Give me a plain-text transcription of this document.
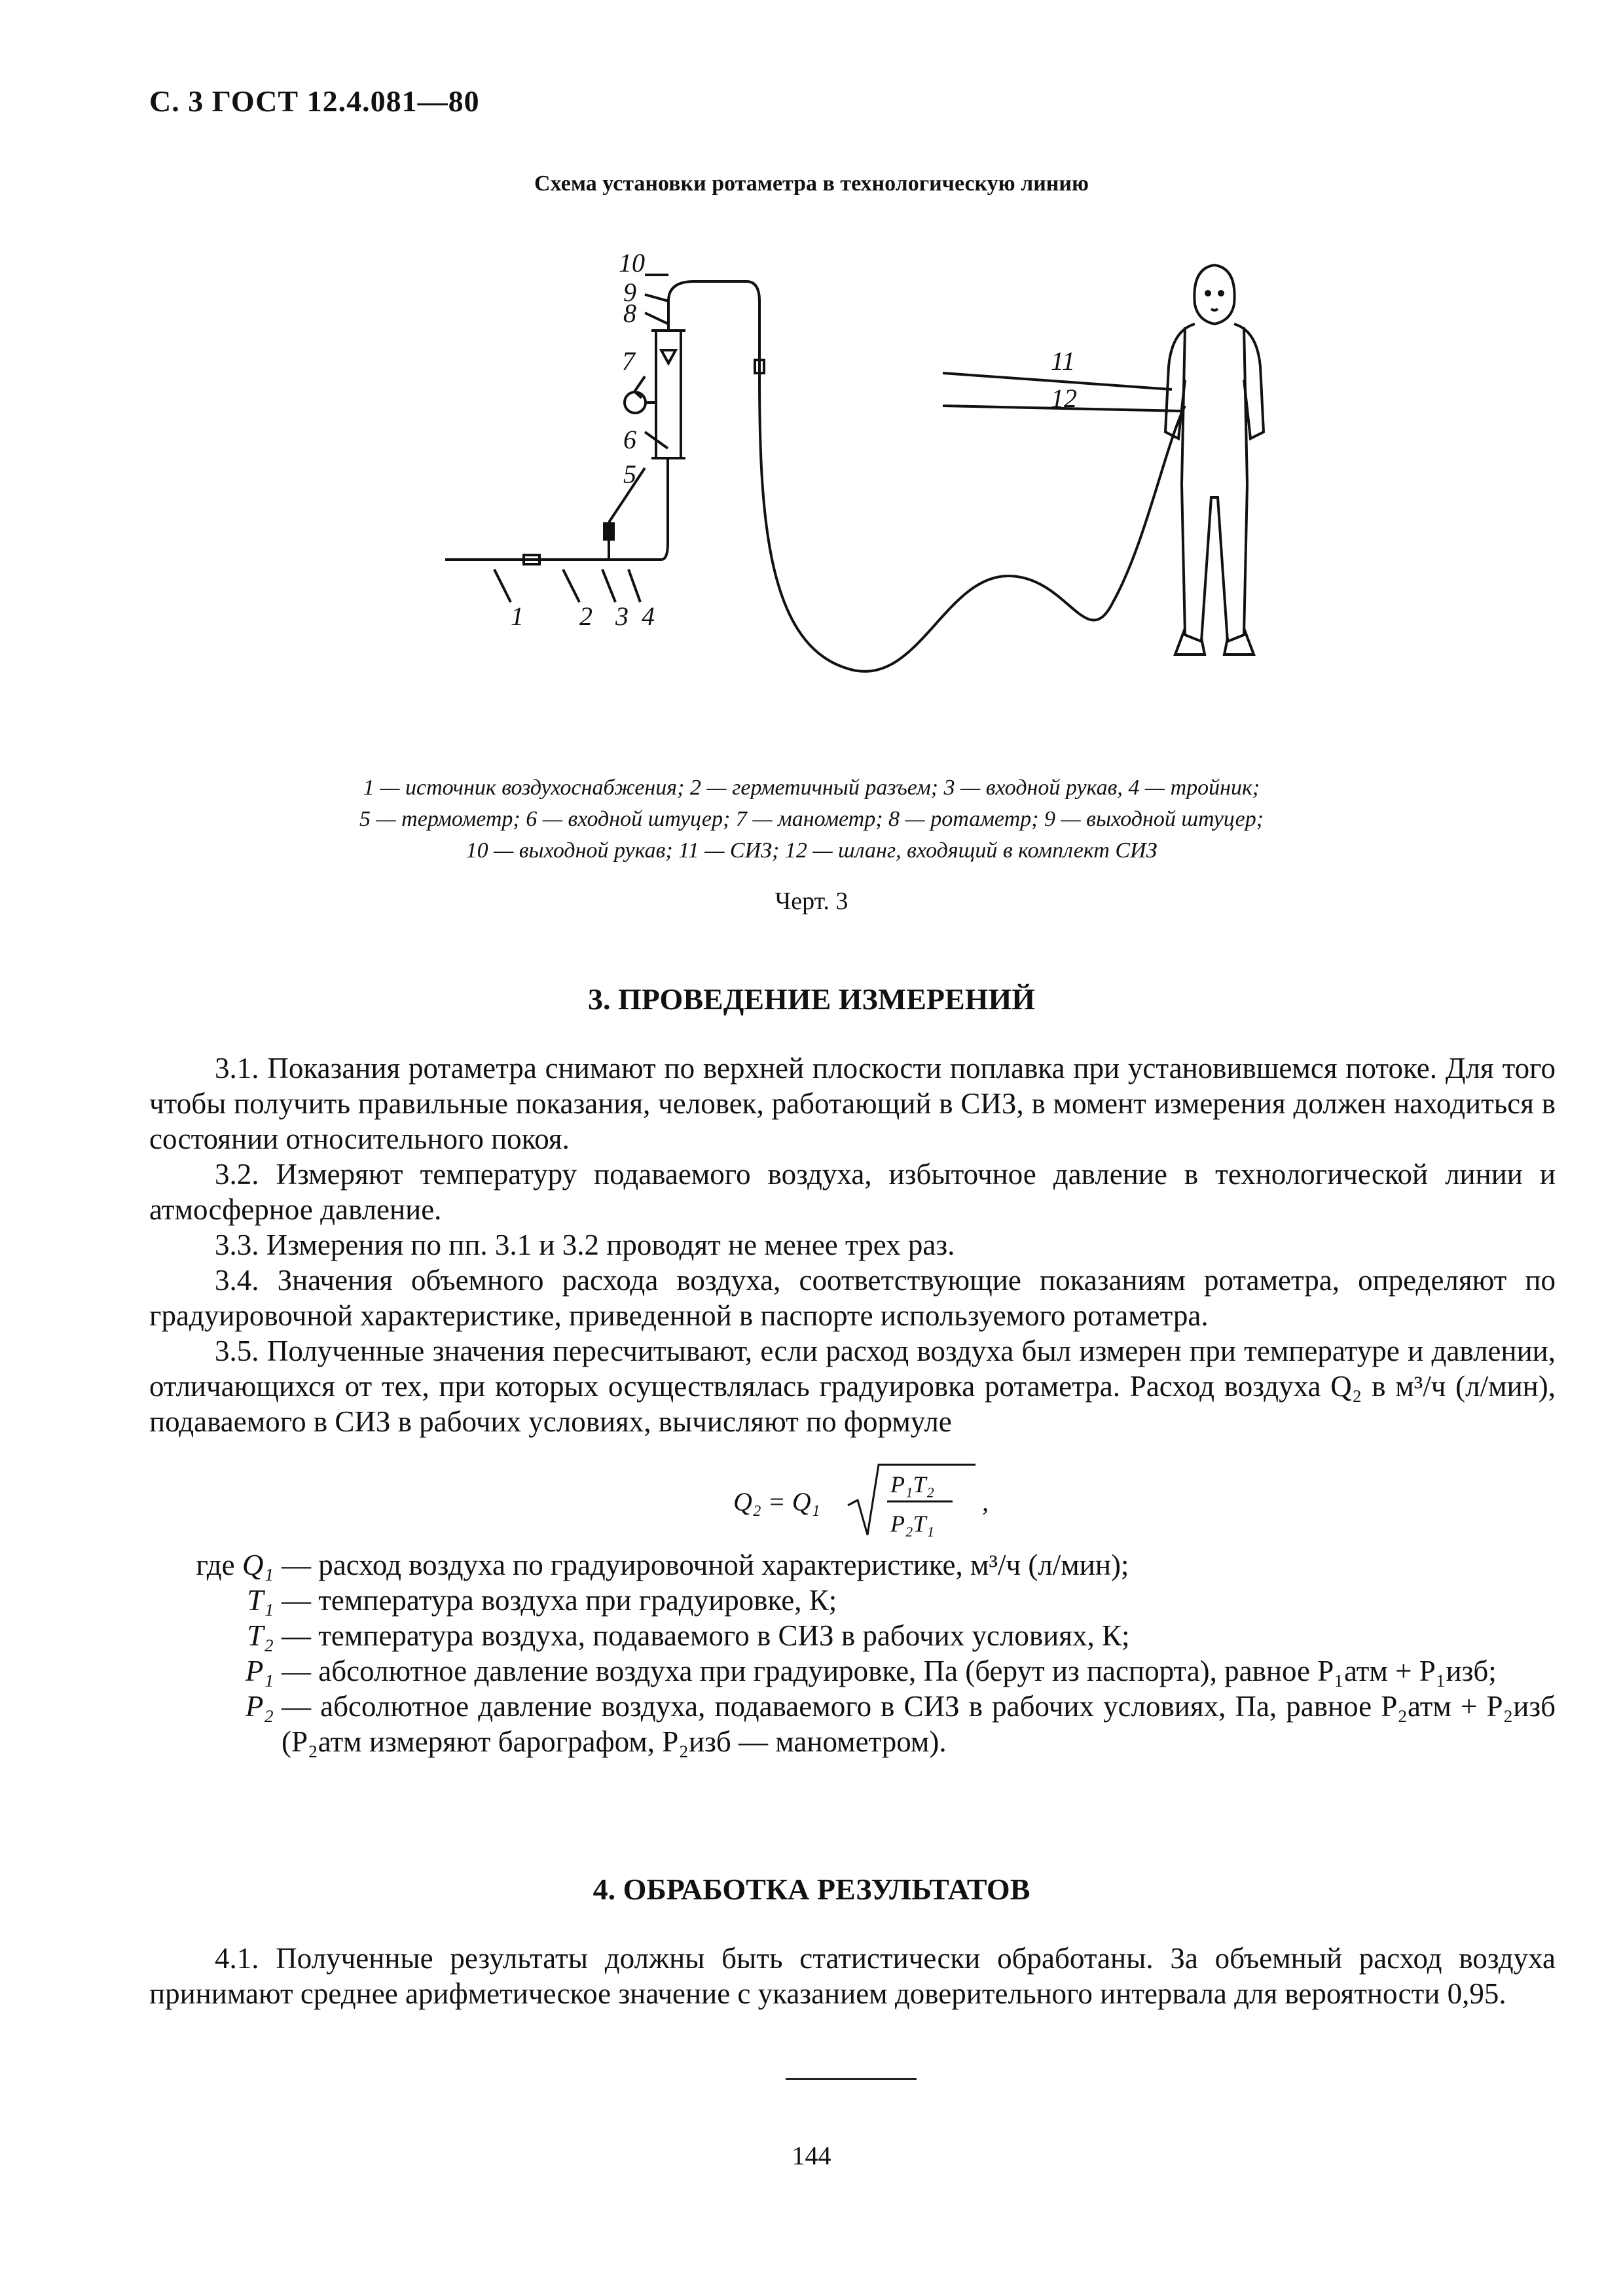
С. 3 ГОСТ 12.4.081—80
Схема установки ротаметра в технологическую линию
1 2 3 4
5
6
7
8
9
10
11
12
1 — источник воздухоснабжения; 2 — герметичный разъем; 3 — входной рукав, 4 — тройник;
5 — термометр; 6 — входной штуцер; 7 — манометр; 8 — ротаметр; 9 — выходной штуцер;
10 — выходной рукав; 11 — СИЗ; 12 — шланг, входящий в комплект СИЗ
Черт. 3
3. ПРОВЕДЕНИЕ ИЗМЕРЕНИЙ

3.1. Показания ротаметра снимают по верхней плоскости поплавка при установившемся потоке. Для того чтобы получить правильные показания, человек, работающий в СИЗ, в момент измерения должен находиться в состоянии относительного покоя.

3.2. Измеряют температуру подаваемого воздуха, избыточное давление в технологической линии и атмосферное давление.

3.3. Измерения по пп. 3.1 и 3.2 проводят не менее трех раз.

3.4. Значения объемного расхода воздуха, соответствующие показаниям ротаметра, определяют по градуировочной характеристике, приведенной в паспорте используемого ротаметра.

3.5. Полученные значения пересчитывают, если расход воздуха был измерен при температуре и давлении, отличающихся от тех, при которых осуществлялась градуировка ротаметра. Расход воздуха Q₂ в м³/ч (л/мин), подаваемого в СИЗ в рабочих условиях, вычисляют по формуле

Q₂ = Q₁
P₁T₂
P₂T₁
,
где Q₁ — расход воздуха по градуировочной характеристике, м³/ч (л/мин);
T₁ — температура воздуха при градуировке, К;
T₂ — температура воздуха, подаваемого в СИЗ в рабочих условиях, К;
P₁ — абсолютное давление воздуха при градуировке, Па (берут из паспорта), равное P₁атм + P₁изб;
P₂ — абсолютное давление воздуха, подаваемого в СИЗ в рабочих условиях, Па, равное P₂атм + P₂изб (P₂атм измеряют барографом, P₂изб — манометром).
4. ОБРАБОТКА РЕЗУЛЬТАТОВ

4.1. Полученные результаты должны быть статистически обработаны. За объемный расход воздуха принимают среднее арифметическое значение с указанием доверительного интервала для вероятности 0,95.

144
